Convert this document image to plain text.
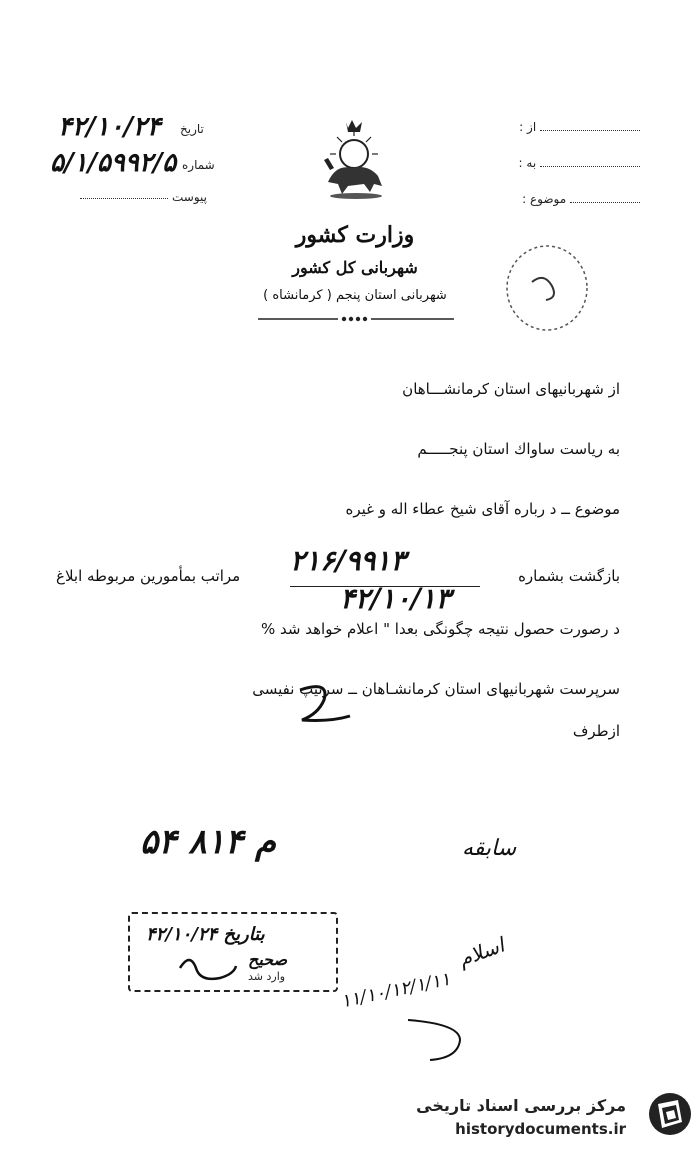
از :
به :
موضوع :
۴۲/۱۰/۲۴ تاریخ
۵/۱/۵۹۹۲/۵ شماره
پیوست
وزارت کشور
شهربانی کل کشور
شهربانی استان پنجم ( کرمانشاه )
از شهربانیهای استان کرمانشـــاهان
به ریاست ساواك استان پنجـــــم
موضوع ــ د رباره آقای شیخ عطاء اله و غیره
بازگشت بشماره
۲۱۶/۹۹۱۳
۴۲/۱۰/۱۳
مراتب بمأمورین مربوطه ابلاغ
د رصورت حصول نتیجه چگونگی بعدا " اعلام خواهد شد %
سرپرست شهربانیهای استان کرمانشـاهان ــ سرتیپ نفیسی
ازطرف
۵۴ ۸۱۴ م	سابقه
بتاریخ ۴۲/۱۰/۲۴
صحیح
وارد شد	۱۱/۱۰/۱۲/۱/۱۱
اسلام
مرکز بررسی اسناد تاریخی
historydocuments.ir
